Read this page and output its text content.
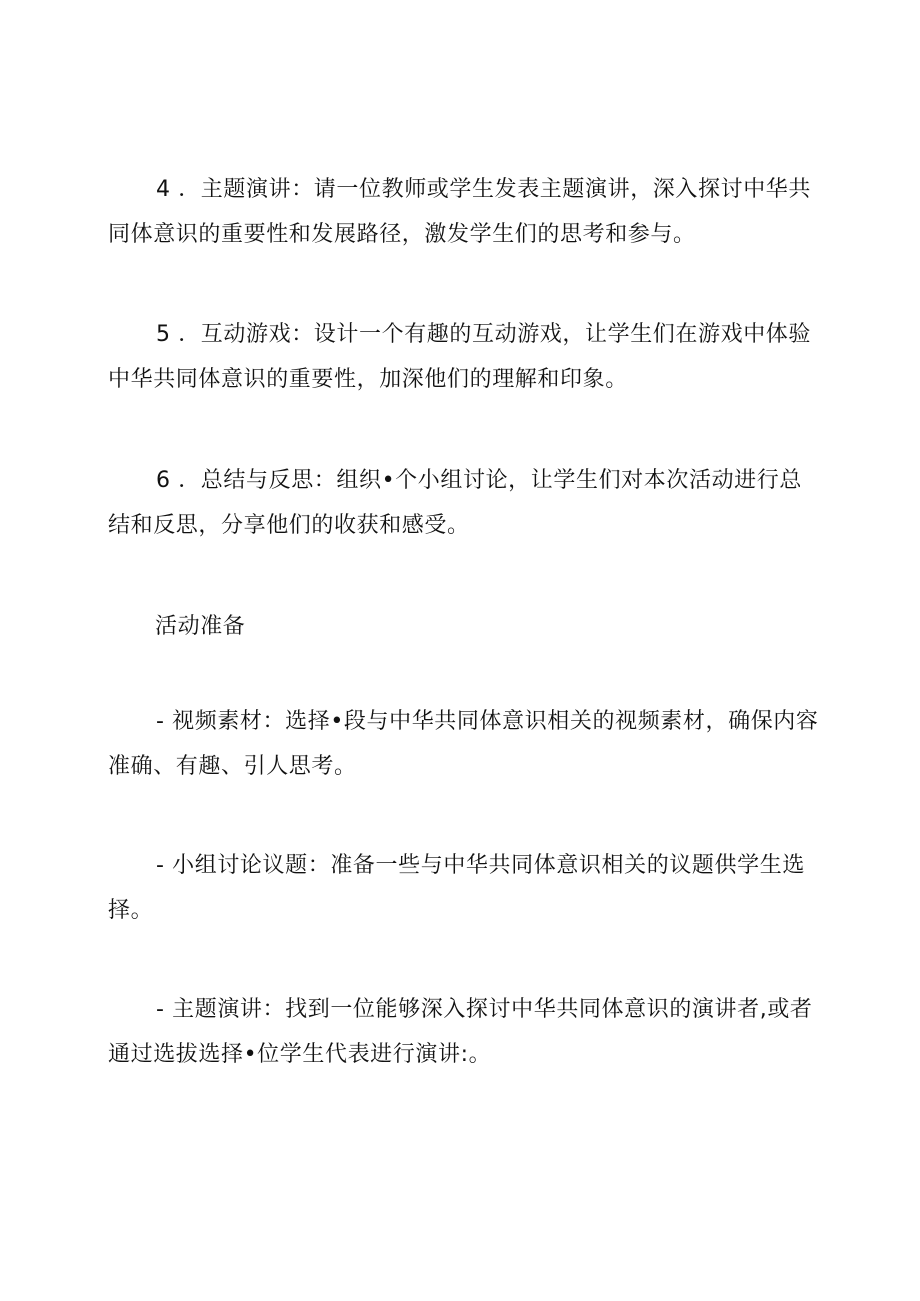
4 ．主题演讲：请一位教师或学生发表主题演讲，深入探讨中华共同体意识的重要性和发展路径，激发学生们的思考和参与。

5 ．互动游戏：设计一个有趣的互动游戏，让学生们在游戏中体验中华共同体意识的重要性，加深他们的理解和印象。

6 ．总结与反思：组织•个小组讨论，让学生们对本次活动进行总结和反思，分享他们的收获和感受。

活动准备

- 视频素材：选择•段与中华共同体意识相关的视频素材，确保内容准确、有趣、引人思考。

- 小组讨论议题：准备一些与中华共同体意识相关的议题供学生选择。

- 主题演讲：找到一位能够深入探讨中华共同体意识的演讲者,或者通过选拔选择•位学生代表进行演讲:。
